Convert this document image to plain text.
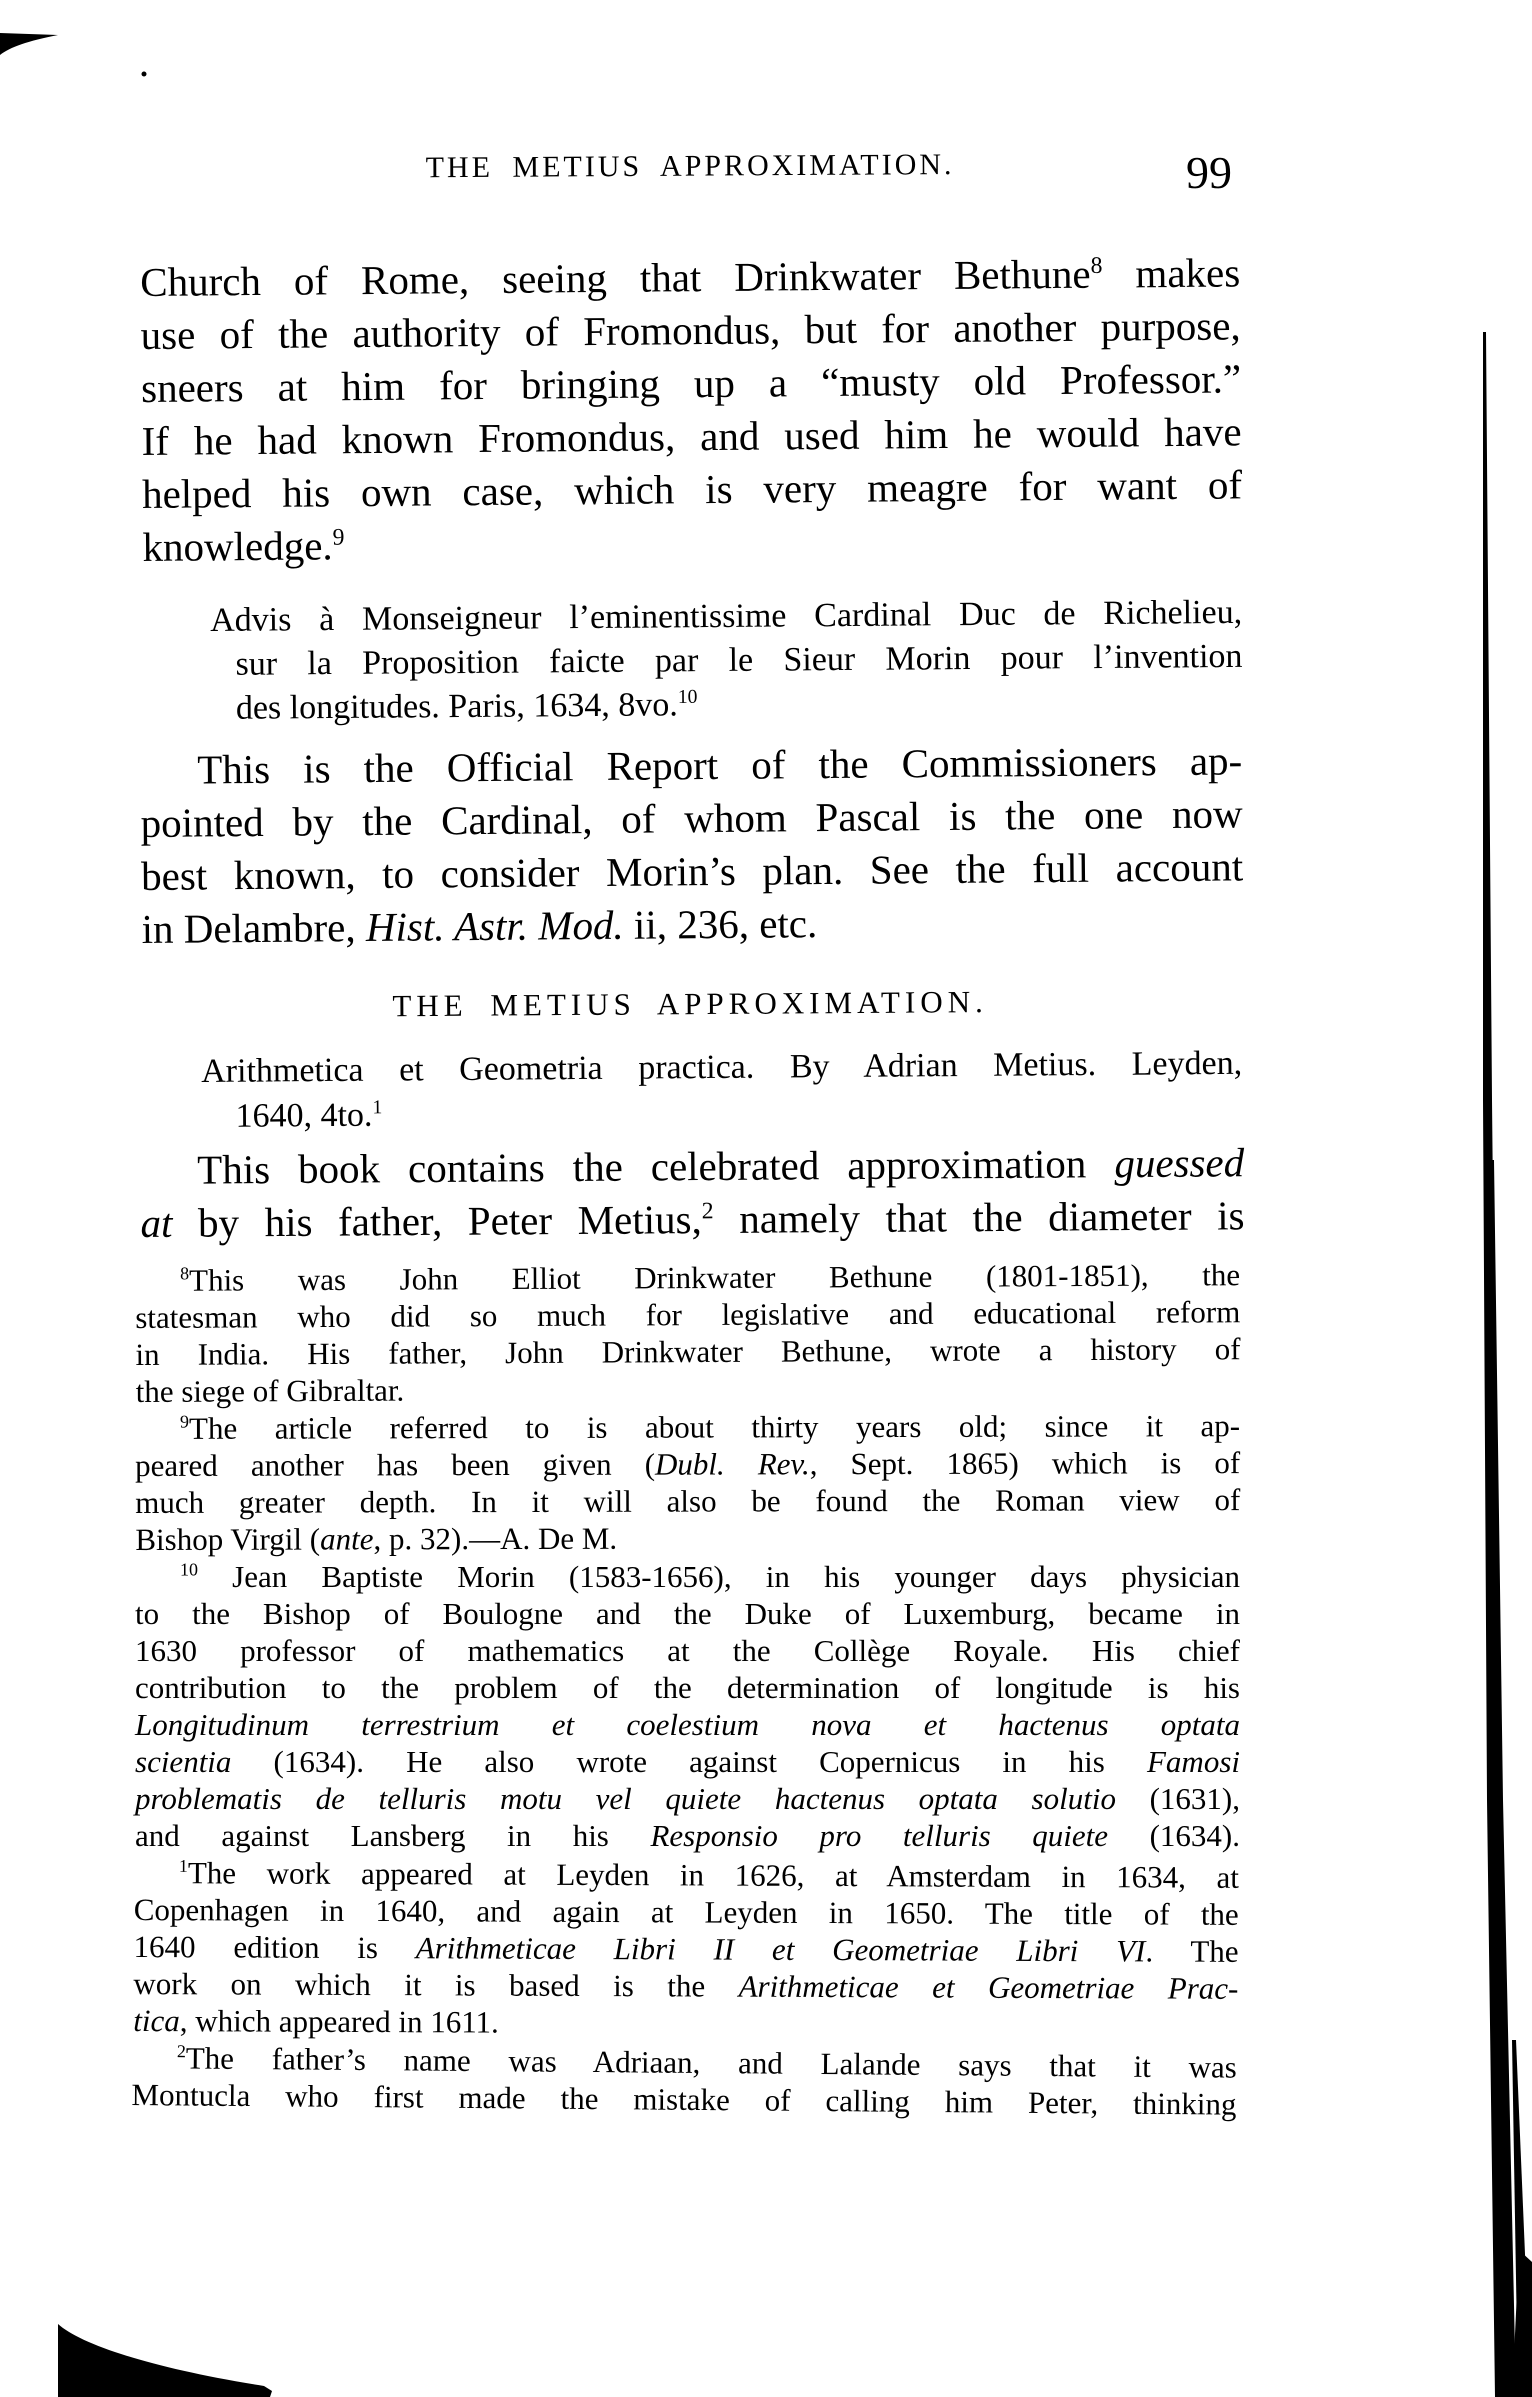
THE METIUS APPROXIMATION.	99
Church of Rome, seeing that Drinkwater Bethune$^8$ makes
use of the authority of Fromondus, but for another purpose,
sneers at him for bringing up a “musty old Professor.”
If he had known Fromondus, and used him he would have
helped his own case, which is very meagre for want of
knowledge.$^9$
Advis à Monseigneur l’eminentissime Cardinal Duc de Richelieu,
sur la Proposition faicte par le Sieur Morin pour l’invention
des longitudes. Paris, 1634, 8vo.$^{10}$
This is the Official Report of the Commissioners ap-
pointed by the Cardinal, of whom Pascal is the one now
best known, to consider Morin’s plan. See the full account
in Delambre, Hist. Astr. Mod. ii, 236, etc.
THE METIUS APPROXIMATION.
Arithmetica et Geometria practica. By Adrian Metius. Leyden,
1640, 4to.$^1$
This book contains the celebrated approximation guessed
at by his father, Peter Metius,$^2$ namely that the diameter is
$^8$This was John Elliot Drinkwater Bethune (1801-1851), the
statesman who did so much for legislative and educational reform
in India. His father, John Drinkwater Bethune, wrote a history of
the siege of Gibraltar.
$^9$The article referred to is about thirty years old; since it ap-
peared another has been given (Dubl. Rev., Sept. 1865) which is of
much greater depth. In it will also be found the Roman view of
Bishop Virgil (ante, p. 32).—A. De M.
$^{10}$ Jean Baptiste Morin (1583-1656), in his younger days physician
to the Bishop of Boulogne and the Duke of Luxemburg, became in
1630 professor of mathematics at the Collège Royale. His chief
contribution to the problem of the determination of longitude is his
Longitudinum terrestrium et coelestium nova et hactenus optata
scientia (1634). He also wrote against Copernicus in his Famosi
problematis de telluris motu vel quiete hactenus optata solutio (1631),
and against Lansberg in his Responsio pro telluris quiete (1634).
$^1$The work appeared at Leyden in 1626, at Amsterdam in 1634, at
Copenhagen in 1640, and again at Leyden in 1650. The title of the
1640 edition is Arithmeticae Libri II et Geometriae Libri VI. The
work on which it is based is the Arithmeticae et Geometriae Prac-
tica, which appeared in 1611.
$^2$The father’s name was Adriaan, and Lalande says that it was
Montucla who first made the mistake of calling him Peter, thinking
